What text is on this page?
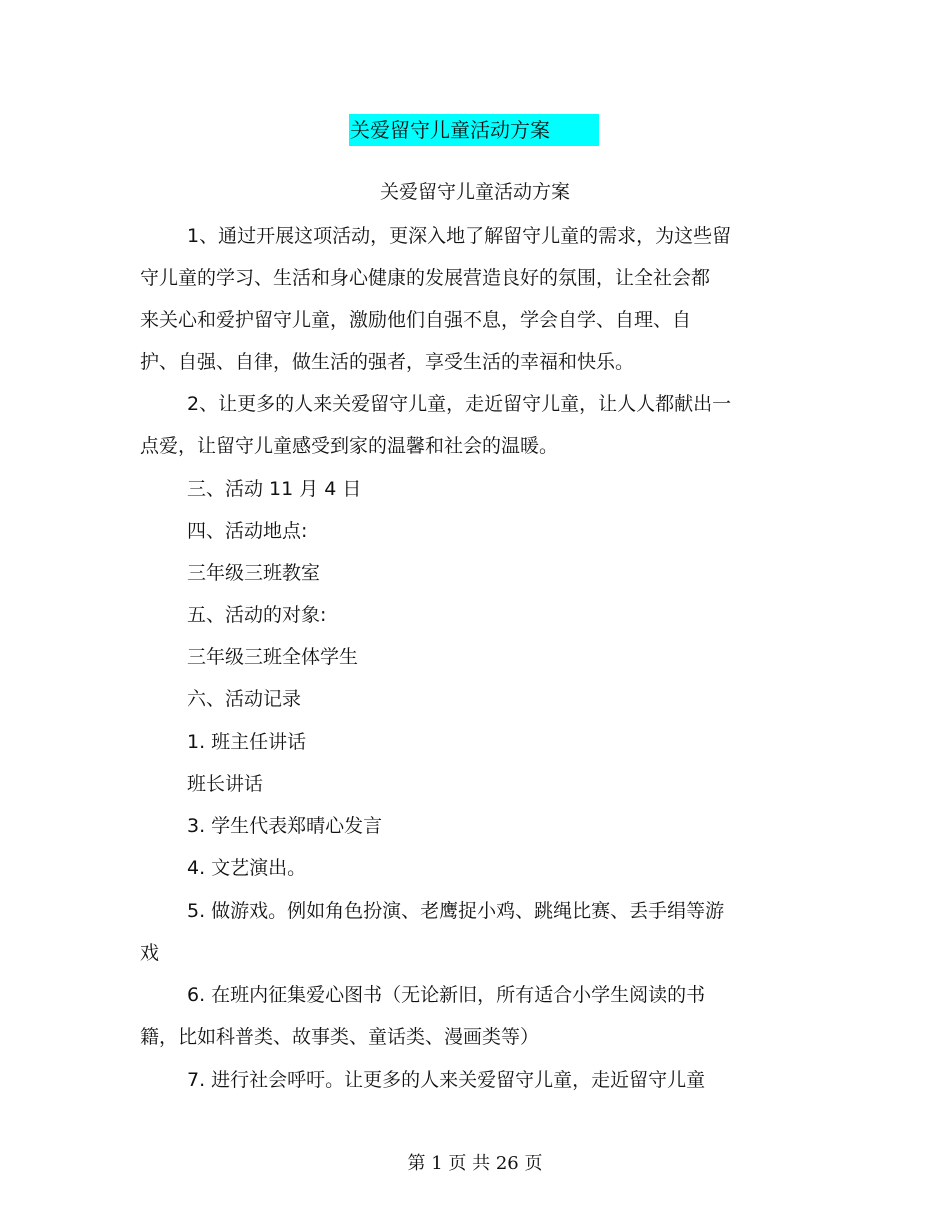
关爱留守儿童活动方案
关爱留守儿童活动方案
1、通过开展这项活动，更深入地了解留守儿童的需求，为这些留
守儿童的学习、生活和身心健康的发展营造良好的氛围，让全社会都
来关心和爱护留守儿童，激励他们自强不息，学会自学、自理、自
护、自强、自律，做生活的强者，享受生活的幸福和快乐。
2、让更多的人来关爱留守儿童，走近留守儿童，让人人都献出一
点爱，让留守儿童感受到家的温馨和社会的温暖。
三、活动 11 月 4 日
四、活动地点:
三年级三班教室
五、活动的对象:
三年级三班全体学生
六、活动记录
1. 班主任讲话
班长讲话
3. 学生代表郑晴心发言
4. 文艺演出。
5. 做游戏。例如角色扮演、老鹰捉小鸡、跳绳比赛、丢手绢等游
戏
6. 在班内征集爱心图书（无论新旧，所有适合小学生阅读的书
籍，比如科普类、故事类、童话类、漫画类等）
7. 进行社会呼吁。让更多的人来关爱留守儿童，走近留守儿童
第 1 页 共 26 页
